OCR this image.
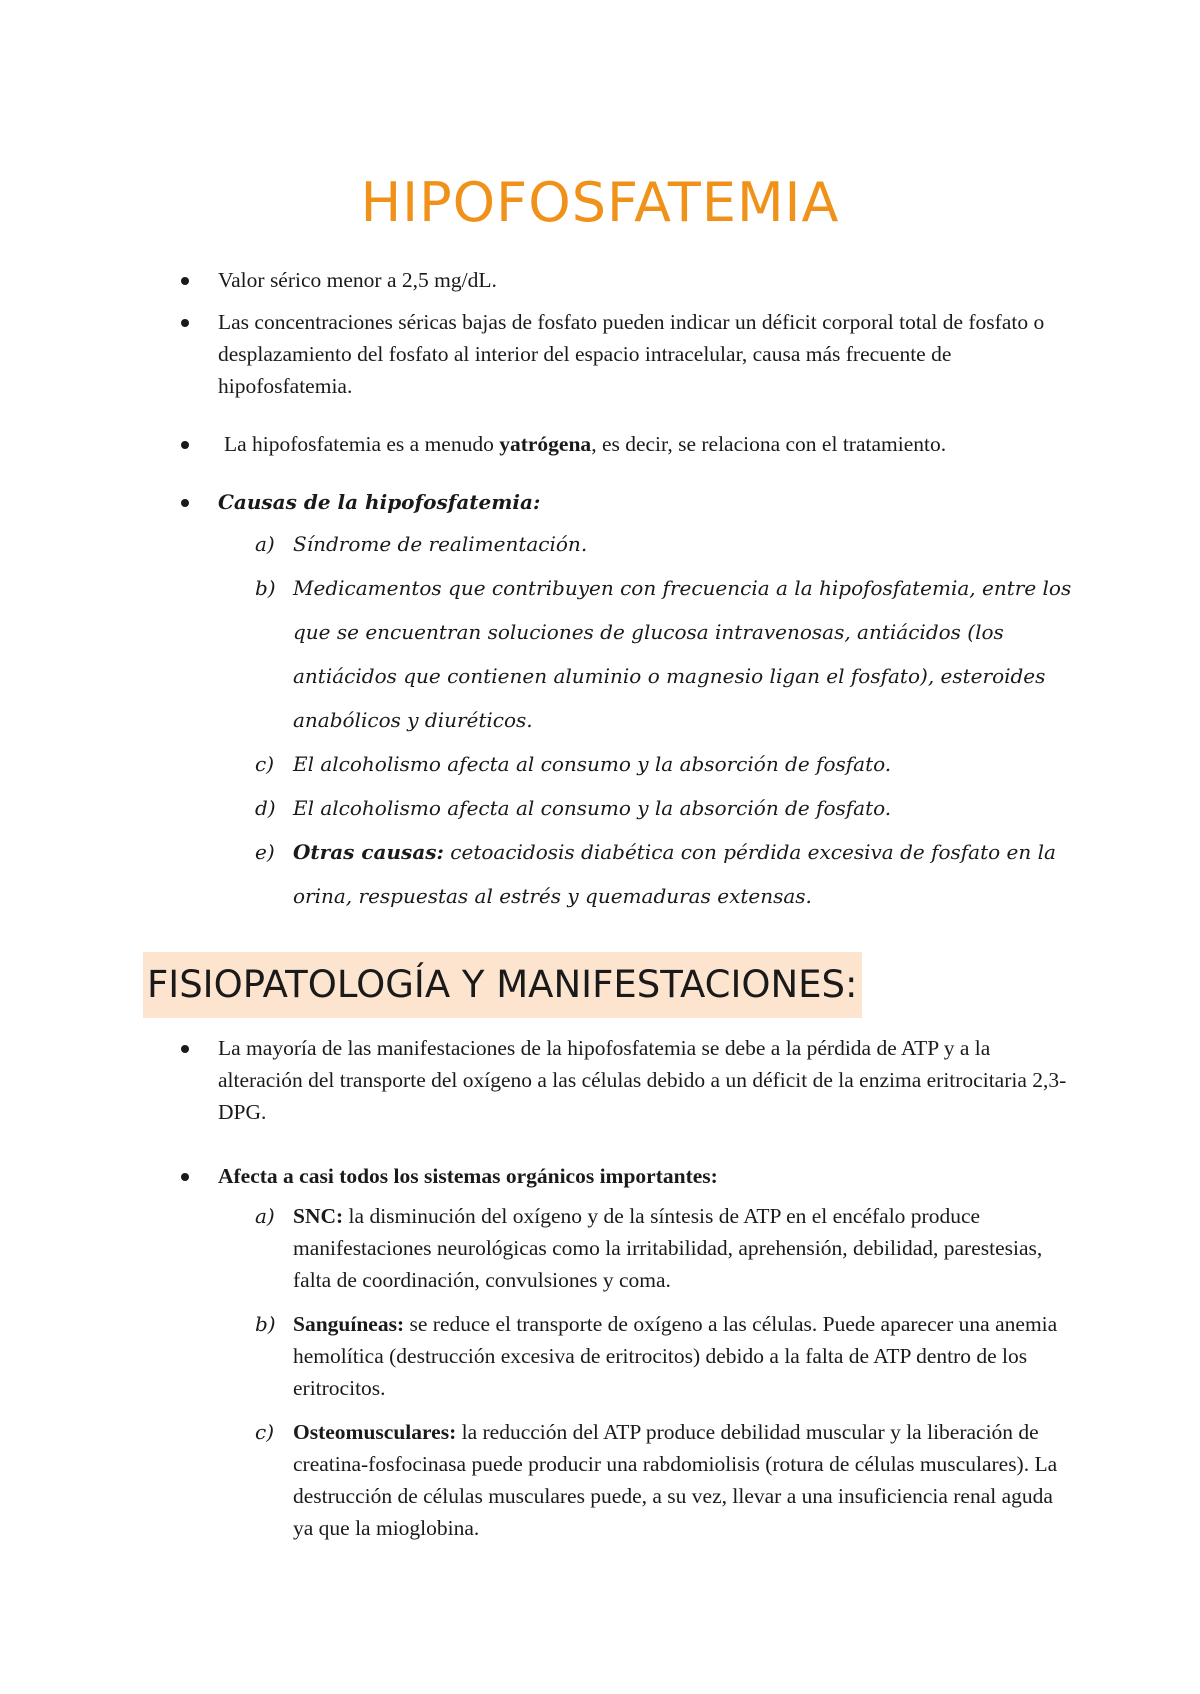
HIPOFOSFATEMIA
Valor sérico menor a 2,5 mg/dL.
Las concentraciones séricas bajas de fosfato pueden indicar un déficit corporal total de fosfato o desplazamiento del fosfato al interior del espacio intracelular, causa más frecuente de hipofosfatemia.
La hipofosfatemia es a menudo yatrógena, es decir, se relaciona con el tratamiento.
Causas de la hipofosfatemia:
a) Síndrome de realimentación.
b) Medicamentos que contribuyen con frecuencia a la hipofosfatemia, entre los que se encuentran soluciones de glucosa intravenosas, antiácidos (los antiácidos que contienen aluminio o magnesio ligan el fosfato), esteroides anabólicos y diuréticos.
c) El alcoholismo afecta al consumo y la absorción de fosfato.
d) El alcoholismo afecta al consumo y la absorción de fosfato.
e) Otras causas: cetoacidosis diabética con pérdida excesiva de fosfato en la orina, respuestas al estrés y quemaduras extensas.
FISIOPATOLOGÍA Y MANIFESTACIONES:
La mayoría de las manifestaciones de la hipofosfatemia se debe a la pérdida de ATP y a la alteración del transporte del oxígeno a las células debido a un déficit de la enzima eritrocitaria 2,3-DPG.
Afecta a casi todos los sistemas orgánicos importantes:
a) SNC: la disminución del oxígeno y de la síntesis de ATP en el encéfalo produce manifestaciones neurológicas como la irritabilidad, aprehensión, debilidad, parestesias, falta de coordinación, convulsiones y coma.
b) Sanguíneas: se reduce el transporte de oxígeno a las células. Puede aparecer una anemia hemolítica (destrucción excesiva de eritrocitos) debido a la falta de ATP dentro de los eritrocitos.
c) Osteomusculares: la reducción del ATP produce debilidad muscular y la liberación de creatina-fosfocinasa puede producir una rabdomiolisis (rotura de células musculares). La destrucción de células musculares puede, a su vez, llevar a una insuficiencia renal aguda ya que la mioglobina.
